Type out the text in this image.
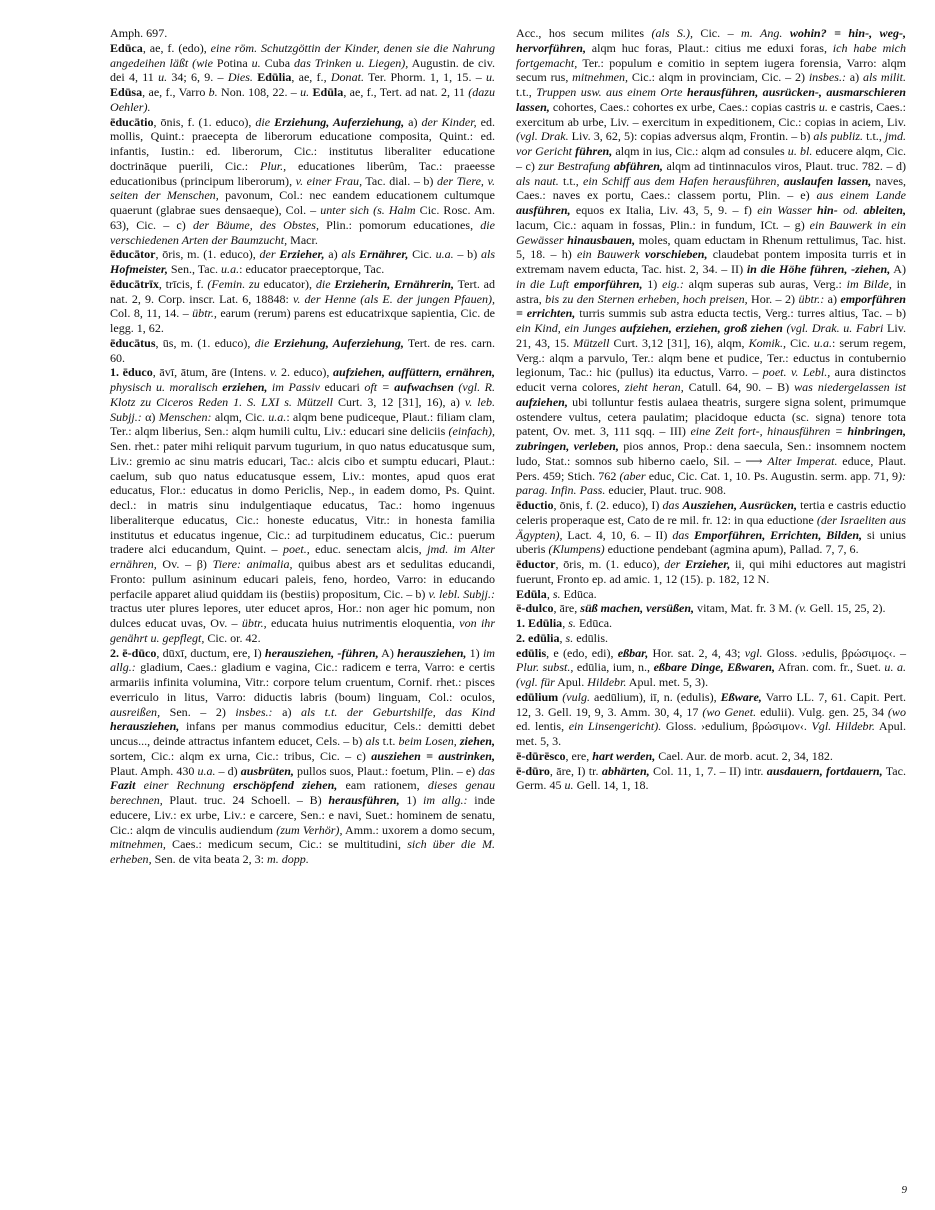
Amph. 697.

Edūca, ae, f. (edo), eine röm. Schutzgöttin der Kinder, denen sie die Nahrung angedeihen läßt (wie Potina u. Cuba das Trinken u. Liegen), Augustin. de civ. dei 4, 11 u. 34; 6, 9. – Dies. Edūlia, ae, f., Donat. Ter. Phorm. 1, 1, 15. – u. Edūsa, ae, f., Varro b. Non. 108, 22. – u. Edūla, ae, f., Tert. ad nat. 2, 11 (dazu Oehler).

ēducātio, ōnis, f. (1. educo), die Erziehung, Auferziehung, a) der Kinder, ed. mollis, Quint.: praecepta de liberorum educatione composita, Quint.: ed. infantis, Iustin.: ed. liberorum, Cic.: institutus liberaliter educatione doctrināque puerili, Cic.: Plur., educationes liberûm, Tac.: praeesse educationibus (principum liberorum), v. einer Frau, Tac. dial. – b) der Tiere, v. seiten der Menschen, pavonum, Col.: nec eandem educationem cultumque quaerunt (glabrae sues densaeque), Col. – unter sich (s. Halm Cic. Rosc. Am. 63), Cic. – c) der Bäume, des Obstes, Plin.: pomorum educationes, die verschiedenen Arten der Baumzucht, Macr.

ēducātor, ōris, m. (1. educo), der Erzieher, a) als Ernährer, Cic. u.a. – b) als Hofmeister, Sen., Tac. u.a.: educator praeceptorque, Tac.

ēducātrīx, trīcis, f. (Femin. zu educator), die Erzieherin, Ernährerin, Tert. ad nat. 2, 9. Corp. inscr. Lat. 6, 18848: v. der Henne (als E. der jungen Pfauen), Col. 8, 11, 14. – übtr., earum (rerum) parens est educatrixque sapientia, Cic. de legg. 1, 62.

ēducātus, ūs, m. (1. educo), die Erziehung, Auferziehung, Tert. de res. carn. 60.

1. ēduco, āvī, ātum, āre (Intens. v. 2. educo), aufziehen, auffüttern, ernähren, physisch u. moralisch erziehen, im Passiv educari oft = aufwachsen (vgl. R. Klotz zu Ciceros Reden 1. S. LXI s. Mützell Curt. 3, 12 [31], 16), a) v. leb. Subjj.: α) Menschen: alqm, Cic. u.a.: alqm bene pudiceque, Plaut.: filiam clam, Ter.: alqm liberius, Sen.: alqm humili cultu, Liv.: educari sine deliciis (einfach), Sen. rhet.: pater mihi reliquit parvum tugurium, in quo natus educatusque sum, Liv.: gremio ac sinu matris educari, Tac.: alcis cibo et sumptu educari, Plaut.: caelum, sub quo natus educatusque essem, Liv.: montes, apud quos erat educatus, Flor.: educatus in domo Periclis, Nep., in eadem domo, Ps. Quint. decl.: in matris sinu indulgentiaque educatus, Tac.: homo ingenuus liberaliterque educatus, Cic.: honeste educatus, Vitr.: in honesta familia institutus et educatus ingenue, Cic.: ad turpitudinem educatus, Cic.: puerum tradere alci educandum, Quint. – poet., educ. senectam alcis, jmd. im Alter ernähren, Ov. – β) Tiere: animalia, quibus abest ars et sedulitas educandi, Fronto: pullum asininum educari paleis, feno, hordeo, Varro: in educando perfacile apparet aliud quiddam iis (bestiis) propositum, Cic. – b) v. lebl. Subjj.: tractus uter plures lepores, uter educet apros, Hor.: non ager hic pomum, non dulces educat uvas, Ov. – übtr., educata huius nutrimentis eloquentia, von ihr genährt u. gepflegt, Cic. or. 42.

2. ē-dūco, dūxī, ductum, ere, I) herausziehen, -führen, A) herausziehen, 1) im allg.: gladium, Caes.: gladium e vagina, Cic.: radicem e terra, Varro: e certis armariis infinita volumina, Vitr.: corpore telum cruentum, Cornif. rhet.: pisces everriculo in litus, Varro: diductis labris (boum) linguam, Col.: oculos, ausreißen, Sen. – 2) insbes.: a) als t.t. der Geburtshilfe, das Kind herausziehen, infans per manus commodius educitur, Cels.: demitti debet uncus..., deinde attractus infantem educet, Cels. – b) als t.t. beim Losen, ziehen, sortem, Cic.: alqm ex urna, Cic.: tribus, Cic. – c) ausziehen = austrinken, Plaut. Amph. 430 u.a. – d) ausbrüten, pullos suos, Plaut.: foetum, Plin. – e) das Fazit einer Rechnung erschöpfend ziehen, eam rationem, dieses genau berechnen, Plaut. truc. 24 Schoell. – B) herausführen, 1) im allg.: inde educere, Liv.: ex urbe, Liv.: e carcere, Sen.: e navi, Suet.: hominem de senatu, Cic.: alqm de vinculis audiendum (zum Verhör), Amm.: uxorem a domo secum, mitnehmen, Caes.: medicum secum, Cic.: se multitudini, sich über die M. erheben, Sen. de vita beata 2, 3: m. dopp.

Acc., hos secum milites (als S.), Cic. – m. Ang. wohin? = hin-, weg-, hervorführen, alqm huc foras, Plaut.: citius me eduxi foras, ich habe mich fortgemacht, Ter.: populum e comitio in septem iugera forensia, Varro: alqm secum rus, mitnehmen, Cic.: alqm in provinciam, Cic. – 2) insbes.: a) als milit. t.t., Truppen usw. aus einem Orte herausführen, ausrücken-, ausmarschieren lassen, cohortes, Caes.: cohortes ex urbe, Caes.: copias castris u. e castris, Caes.: exercitum ab urbe, Liv. – exercitum in expeditionem, Cic.: copias in aciem, Liv. (vgl. Drak. Liv. 3, 62, 5): copias adversus alqm, Frontin. – b) als publiz. t.t., jmd. vor Gericht führen, alqm in ius, Cic.: alqm ad consules u. bl. educere alqm, Cic. – c) zur Bestrafung abführen, alqm ad tintinnaculos viros, Plaut. truc. 782. – d) als naut. t.t., ein Schiff aus dem Hafen herausführen, auslaufen lassen, naves, Caes.: naves ex portu, Caes.: classem portu, Plin. – e) aus einem Lande ausführen, equos ex Italia, Liv. 43, 5, 9. – f) ein Wasser hin- od. ableiten, lacum, Cic.: aquam in fossas, Plin.: in fundum, ICt. – g) ein Bauwerk in ein Gewässer hinausbauen, moles, quam eductam in Rhenum rettulimus, Tac. hist. 5, 18. – h) ein Bauwerk vorschieben, claudebat pontem imposita turris et in extremam navem educta, Tac. hist. 2, 34. – II) in die Höhe führen, -ziehen, A) in die Luft emporführen, 1) eig.: alqm superas sub auras, Verg.: im Bilde, in astra, bis zu den Sternen erheben, hoch preisen, Hor. – 2) übtr.: a) emporführen = errichten, turris summis sub astra educta tectis, Verg.: turres altius, Tac. – b) ein Kind, ein Junges aufziehen, erziehen, groß ziehen (vgl. Drak. u. Fabri Liv. 21, 43, 15. Mützell Curt. 3,12 [31], 16), alqm, Komik., Cic. u.a.: serum regem, Verg.: alqm a parvulo, Ter.: alqm bene et pudice, Ter.: eductus in contubernio legionum, Tac.: hic (pullus) ita eductus, Varro. – poet. v. Lebl., aura distinctos educit verna colores, zieht heran, Catull. 64, 90. – B) was niedergelassen ist aufziehen, ubi tolluntur festis aulaea theatris, surgere signa solent, primumque ostendere vultus, cetera paulatim; placidoque educta (sc. signa) tenore tota patent, Ov. met. 3, 111 sqq. – III) eine Zeit fort-, hinausführen = hinbringen, zubringen, verleben, pios annos, Prop.: dena saecula, Sen.: insomnem noctem ludo, Stat.: somnos sub hiberno caelo, Sil. – ⟶ Alter Imperat. educe, Plaut. Pers. 459; Stich. 762 (aber educ, Cic. Cat. 1, 10. Ps. Augustin. serm. app. 71, 9): parag. Infin. Pass. educier, Plaut. truc. 908.

ēductio, ōnis, f. (2. educo), I) das Ausziehen, Ausrücken, tertia e castris eductio celeris properaque est, Cato de re mil. fr. 12: in qua eductione (der Israeliten aus Ägypten), Lact. 4, 10, 6. – II) das Emporführen, Errichten, Bilden, si unius uberis (Klumpens) eductione pendebant (agmina apum), Pallad. 7, 7, 6.

ēductor, ōris, m. (1. educo), der Erzieher, ii, qui mihi eductores aut magistri fuerunt, Fronto ep. ad amic. 1, 12 (15). p. 182, 12 N.

Edūla, s. Edūca.

ē-dulco, āre, süß machen, versüßen, vitam, Mat. fr. 3 M. (v. Gell. 15, 25, 2).

1. Edūlia, s. Edūca.

2. edūlia, s. edūlis.

edūlis, e (edo, edi), eßbar, Hor. sat. 2, 4, 43; vgl. Gloss. ›edulis, βρώσιμος‹. – Plur. subst., edūlia, ium, n., eßbare Dinge, Eßwaren, Afran. com. fr., Suet. u. a. (vgl. für Apul. Hildebr. Apul. met. 5, 3).

edūlium (vulg. aedūlium), iī, n. (edulis), Eßware, Varro LL. 7, 61. Capit. Pert. 12, 3. Gell. 19, 9, 3. Amm. 30, 4, 17 (wo Genet. edulii). Vulg. gen. 25, 34 (wo ed. lentis, ein Linsengericht). Gloss. ›edulium, βρώσιμον‹. Vgl. Hildebr. Apul. met. 5, 3.

ē-dūrēsco, ere, hart werden, Cael. Aur. de morb. acut. 2, 34, 182.

ē-dūro, āre, I) tr. abhärten, Col. 11, 1, 7. – II) intr. ausdauern, fortdauern, Tac. Germ. 45 u. Gell. 14, 1, 18.

9
